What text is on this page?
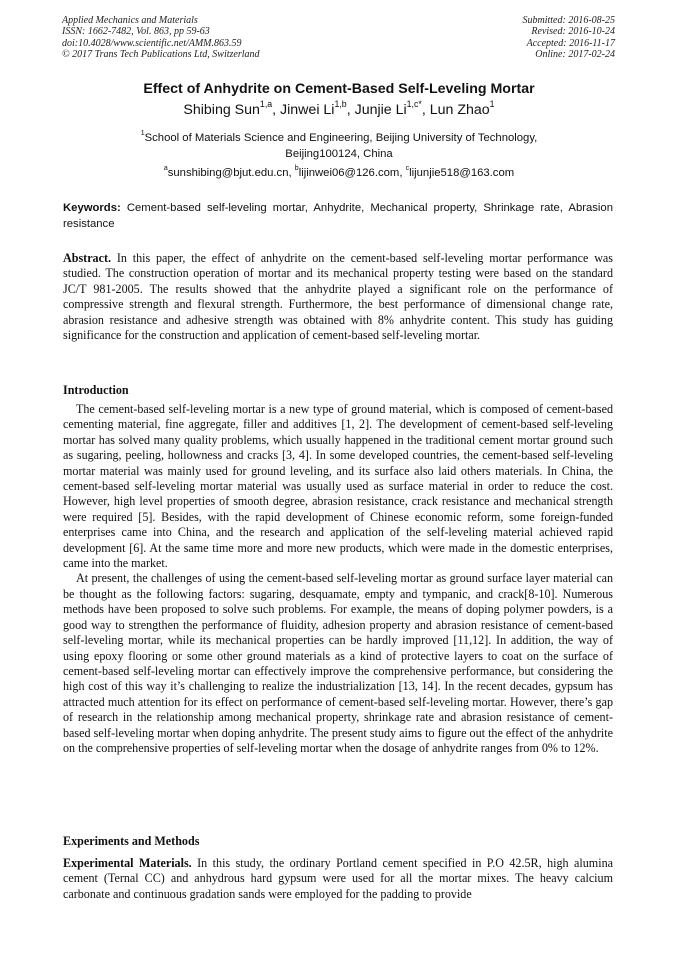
Applied Mechanics and Materials
ISSN: 1662-7482, Vol. 863, pp 59-63
doi:10.4028/www.scientific.net/AMM.863.59
© 2017 Trans Tech Publications Ltd, Switzerland
Submitted: 2016-08-25
Revised: 2016-10-24
Accepted: 2016-11-17
Online: 2017-02-24
Effect of Anhydrite on Cement-Based Self-Leveling Mortar
Shibing Sun$^{1,a}$, Jinwei Li$^{1,b}$, Junjie $Li^{1,c*}$, Lun Zhao$^1$
$^1$School of Materials Science and Engineering, Beijing University of Technology,
Beijing100124, China
$^a$sunshibing@bjut.edu.cn, $^b$lijinwei06@126.com, $^c$lijunjie518@163.com
Keywords: Cement-based self-leveling mortar, Anhydrite, Mechanical property, Shrinkage rate, Abrasion resistance
Abstract. In this paper, the effect of anhydrite on the cement-based self-leveling mortar performance was studied. The construction operation of mortar and its mechanical property testing were based on the standard JC/T 981-2005. The results showed that the anhydrite played a significant role on the performance of compressive strength and flexural strength. Furthermore, the best performance of dimensional change rate, abrasion resistance and adhesive strength was obtained with 8% anhydrite content. This study has guiding significance for the construction and application of cement-based self-leveling mortar.
Introduction

The cement-based self-leveling mortar is a new type of ground material, which is composed of cement-based cementing material, fine aggregate, filler and additives [1, 2]. The development of cement-based self-leveling mortar has solved many quality problems, which usually happened in the traditional cement mortar ground such as sugaring, peeling, hollowness and cracks [3, 4]. In some developed countries, the cement-based self-leveling mortar material was mainly used for ground leveling, and its surface also laid others materials. In China, the cement-based self-leveling mortar material was usually used as surface material in order to reduce the cost. However, high level properties of smooth degree, abrasion resistance, crack resistance and mechanical strength were required [5]. Besides, with the rapid development of Chinese economic reform, some foreign-funded enterprises came into China, and the research and application of the self-leveling material achieved rapid development [6]. At the same time more and more new products, which were made in the domestic enterprises, came into the market.

At present, the challenges of using the cement-based self-leveling mortar as ground surface layer material can be thought as the following factors: sugaring, desquamate, empty and tympanic, and crack[8-10]. Numerous methods have been proposed to solve such problems. For example, the means of doping polymer powders, is a good way to strengthen the performance of fluidity, adhesion property and abrasion resistance of cement-based self-leveling mortar, while its mechanical properties can be hardly improved [11,12]. In addition, the way of using epoxy flooring or some other ground materials as a kind of protective layers to coat on the surface of cement-based self-leveling mortar can effectively improve the comprehensive performance, but considering the high cost of this way it’s challenging to realize the industrialization [13, 14]. In the recent decades, gypsum has attracted much attention for its effect on performance of cement-based self-leveling mortar. However, there’s gap of research in the relationship among mechanical property, shrinkage rate and abrasion resistance of cement-based self-leveling mortar when doping anhydrite. The present study aims to figure out the effect of the anhydrite on the comprehensive properties of self-leveling mortar when the dosage of anhydrite ranges from 0% to 12%.

Experiments and Methods
Experimental Materials. In this study, the ordinary Portland cement specified in P.O 42.5R, high alumina cement (Ternal CC) and anhydrous hard gypsum were used for all the mortar mixes. The heavy calcium carbonate and continuous gradation sands were employed for the padding to provide
